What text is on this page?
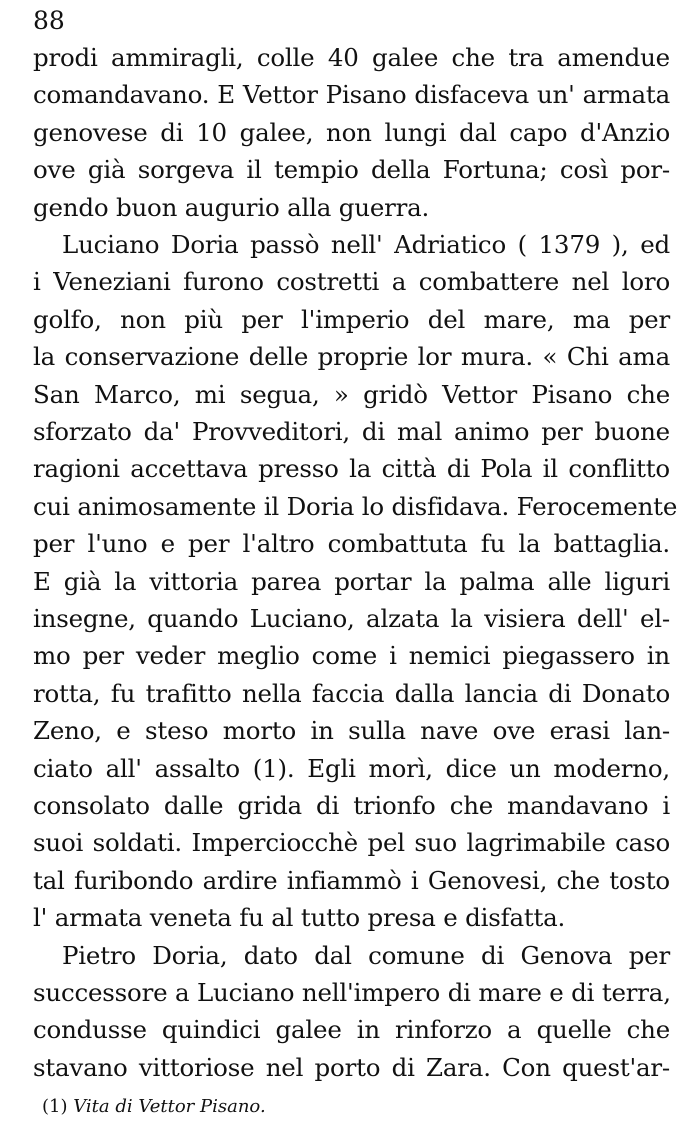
88
prodi ammiragli, colle 40 galee che tra amendue
comandavano. E Vettor Pisano disfaceva un' armata
genovese di 10 galee, non lungi dal capo d'Anzio
ove già sorgeva il tempio della Fortuna; così por-
gendo buon augurio alla guerra.
Luciano Doria passò nell' Adriatico ( 1379 ), ed
i Veneziani furono costretti a combattere nel loro
golfo, non più per l'imperio del mare, ma per
la conservazione delle proprie lor mura. « Chi ama
San Marco, mi segua, » gridò Vettor Pisano che
sforzato da' Provveditori, di mal animo per buone
ragioni accettava presso la città di Pola il conflitto
cui animosamente il Doria lo disfidava. Ferocemente
per l'uno e per l'altro combattuta fu la battaglia.
E già la vittoria parea portar la palma alle liguri
insegne, quando Luciano, alzata la visiera dell' el-
mo per veder meglio come i nemici piegassero in
rotta, fu trafitto nella faccia dalla lancia di Donato
Zeno, e steso morto in sulla nave ove erasi lan-
ciato all' assalto (1). Egli morì, dice un moderno,
consolato dalle grida di trionfo che mandavano i
suoi soldati. Imperciocchè pel suo lagrimabile caso
tal furibondo ardire infiammò i Genovesi, che tosto
l' armata veneta fu al tutto presa e disfatta.
Pietro Doria, dato dal comune di Genova per
successore a Luciano nell'impero di mare e di terra,
condusse quindici galee in rinforzo a quelle che
stavano vittoriose nel porto di Zara. Con quest'ar-
(1) Vita di Vettor Pisano.
